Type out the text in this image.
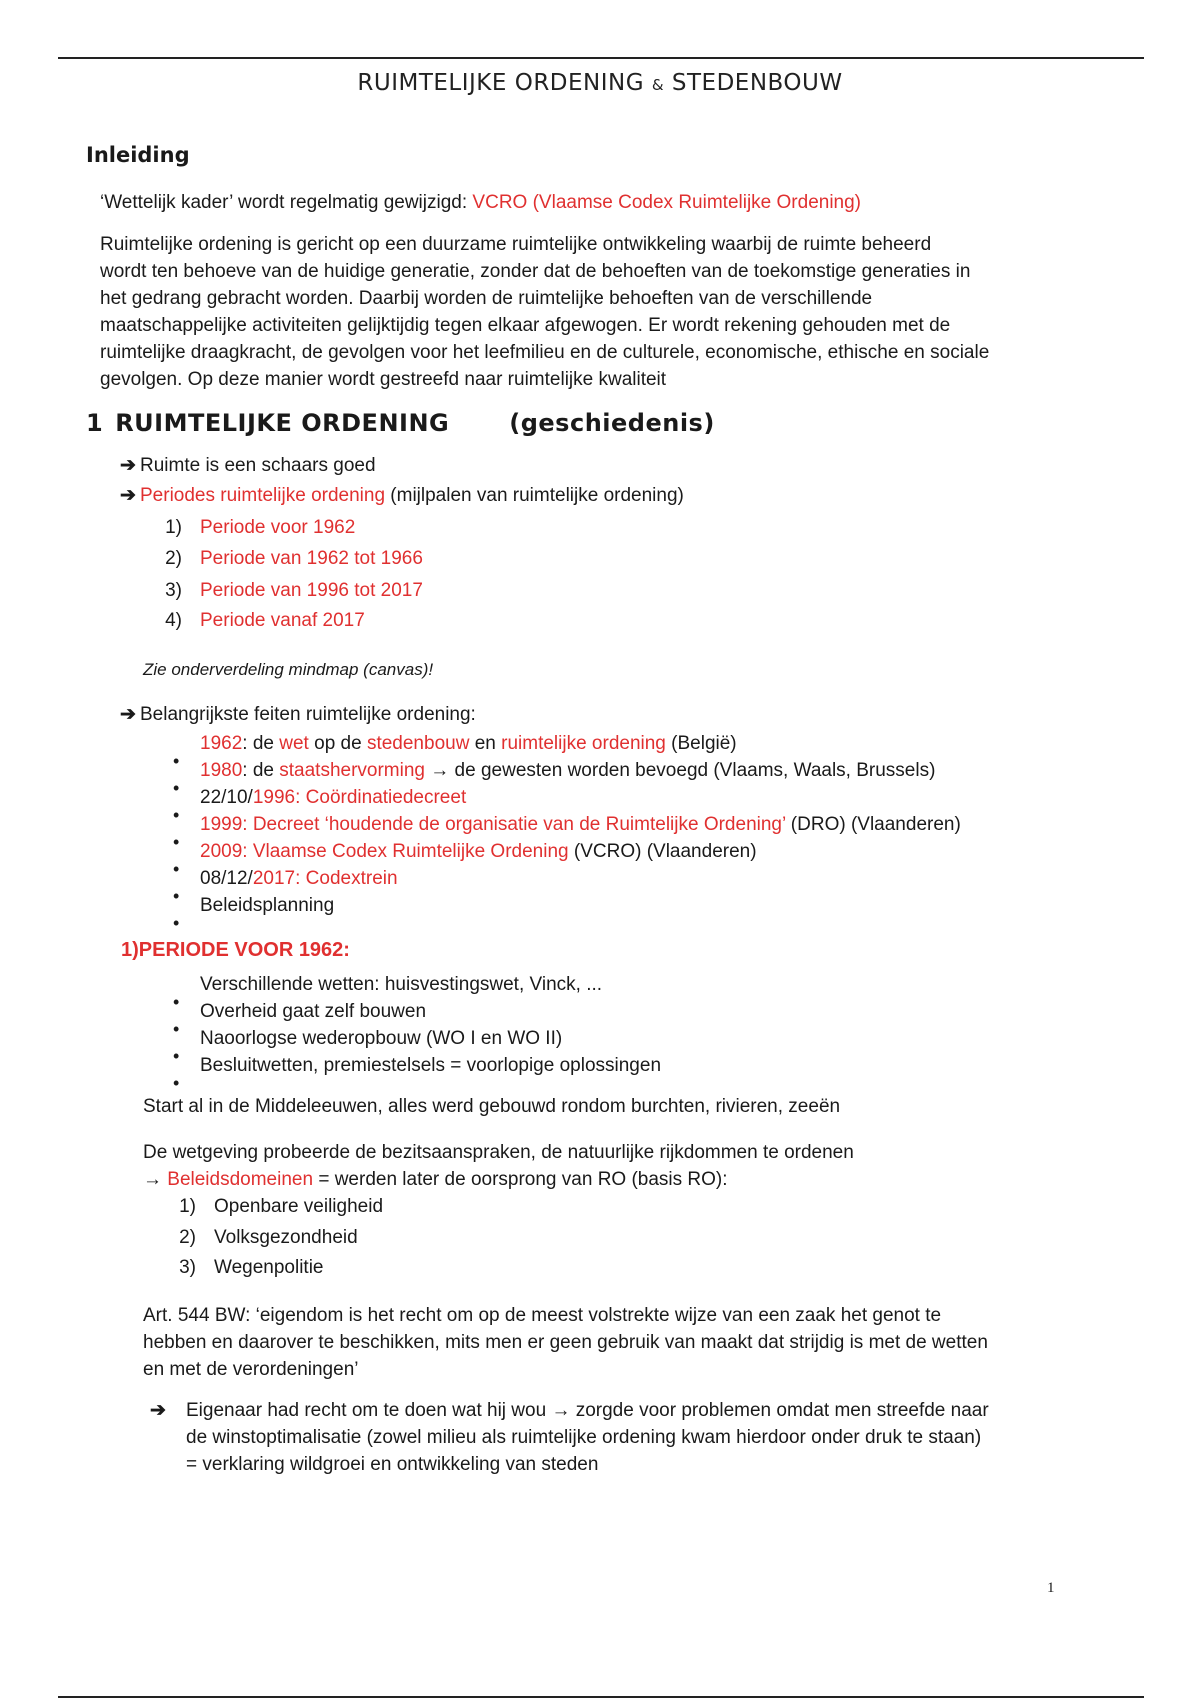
RUIMTELIJKE ORDENING & STEDENBOUW
Inleiding
‘Wettelijk kader’ wordt regelmatig gewijzigd: VCRO (Vlaamse Codex Ruimtelijke Ordening)
Ruimtelijke ordening is gericht op een duurzame ruimtelijke ontwikkeling waarbij de ruimte beheerd
wordt ten behoeve van de huidige generatie, zonder dat de behoeften van de toekomstige generaties in
het gedrang gebracht worden. Daarbij worden de ruimtelijke behoeften van de verschillende
maatschappelijke activiteiten gelijktijdig tegen elkaar afgewogen. Er wordt rekening gehouden met de
ruimtelijke draagkracht, de gevolgen voor het leefmilieu en de culturele, economische, ethische en sociale
gevolgen. Op deze manier wordt gestreefd naar ruimtelijke kwaliteit
1 RUIMTELIJKE ORDENING	(geschiedenis)
➔ Ruimte is een schaars goed
➔ Periodes ruimtelijke ordening (mijlpalen van ruimtelijke ordening)
1) Periode voor 1962
2) Periode van 1962 tot 1966
3) Periode van 1996 tot 2017
4) Periode vanaf 2017
Zie onderverdeling mindmap (canvas)!
➔ Belangrijkste feiten ruimtelijke ordening:
1962: de wet op de stedenbouw en ruimtelijke ordening (België)
1980: de staatshervorming → de gewesten worden bevoegd (Vlaams, Waals, Brussels)
22/10/1996: Coördinatiedecreet
1999: Decreet ‘houdende de organisatie van de Ruimtelijke Ordening’ (DRO) (Vlaanderen)
2009: Vlaamse Codex Ruimtelijke Ordening (VCRO) (Vlaanderen)
08/12/2017: Codextrein
Beleidsplanning
1)PERIODE VOOR 1962:
Verschillende wetten: huisvestingswet, Vinck, ...
Overheid gaat zelf bouwen
Naoorlogse wederopbouw (WO I en WO II)
Besluitwetten, premiestelsels = voorlopige oplossingen
Start al in de Middeleeuwen, alles werd gebouwd rondom burchten, rivieren, zeeën
De wetgeving probeerde de bezitsaanspraken, de natuurlijke rijkdommen te ordenen
→ Beleidsdomeinen = werden later de oorsprong van RO (basis RO):
1) Openbare veiligheid
2) Volksgezondheid
3) Wegenpolitie
Art. 544 BW: ‘eigendom is het recht om op de meest volstrekte wijze van een zaak het genot te
hebben en daarover te beschikken, mits men er geen gebruik van maakt dat strijdig is met de wetten
en met de verordeningen’
➔ Eigenaar had recht om te doen wat hij wou → zorgde voor problemen omdat men streefde naar
de winstoptimalisatie (zowel milieu als ruimtelijke ordening kwam hierdoor onder druk te staan)
= verklaring wildgroei en ontwikkeling van steden
1
